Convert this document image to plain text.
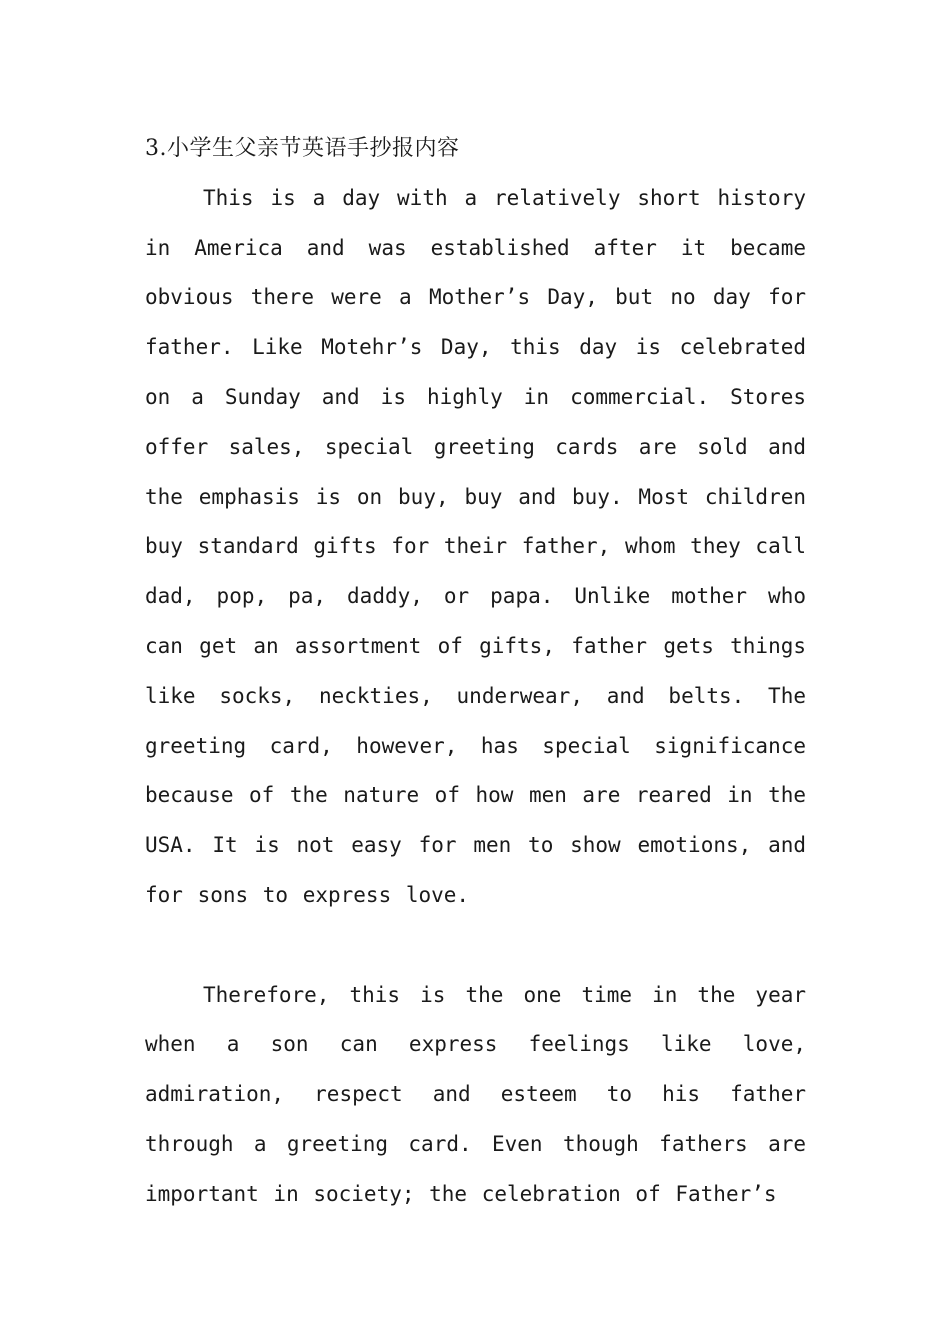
3.小学生父亲节英语手抄报内容

This is a day with a relatively short history in America and was established after it became obvious there were a Mother’s Day, but no day for father. Like Motehr’s Day, this day is celebrated on a Sunday and is highly in commercial. Stores offer sales, special greeting cards are sold and the emphasis is on buy, buy and buy. Most children buy standard gifts for their father, whom they call dad, pop, pa, daddy, or papa. Unlike mother who can get an assortment of gifts, father gets things like socks, neckties, underwear, and belts. The greeting card, however, has special significance because of the nature of how men are reared in the USA. It is not easy for men to show emotions, and for sons to express love.

Therefore, this is the one time in the year when a son can express feelings like love, admiration, respect and esteem to his father through a greeting card. Even though fathers are important in society; the celebration of Father’s
